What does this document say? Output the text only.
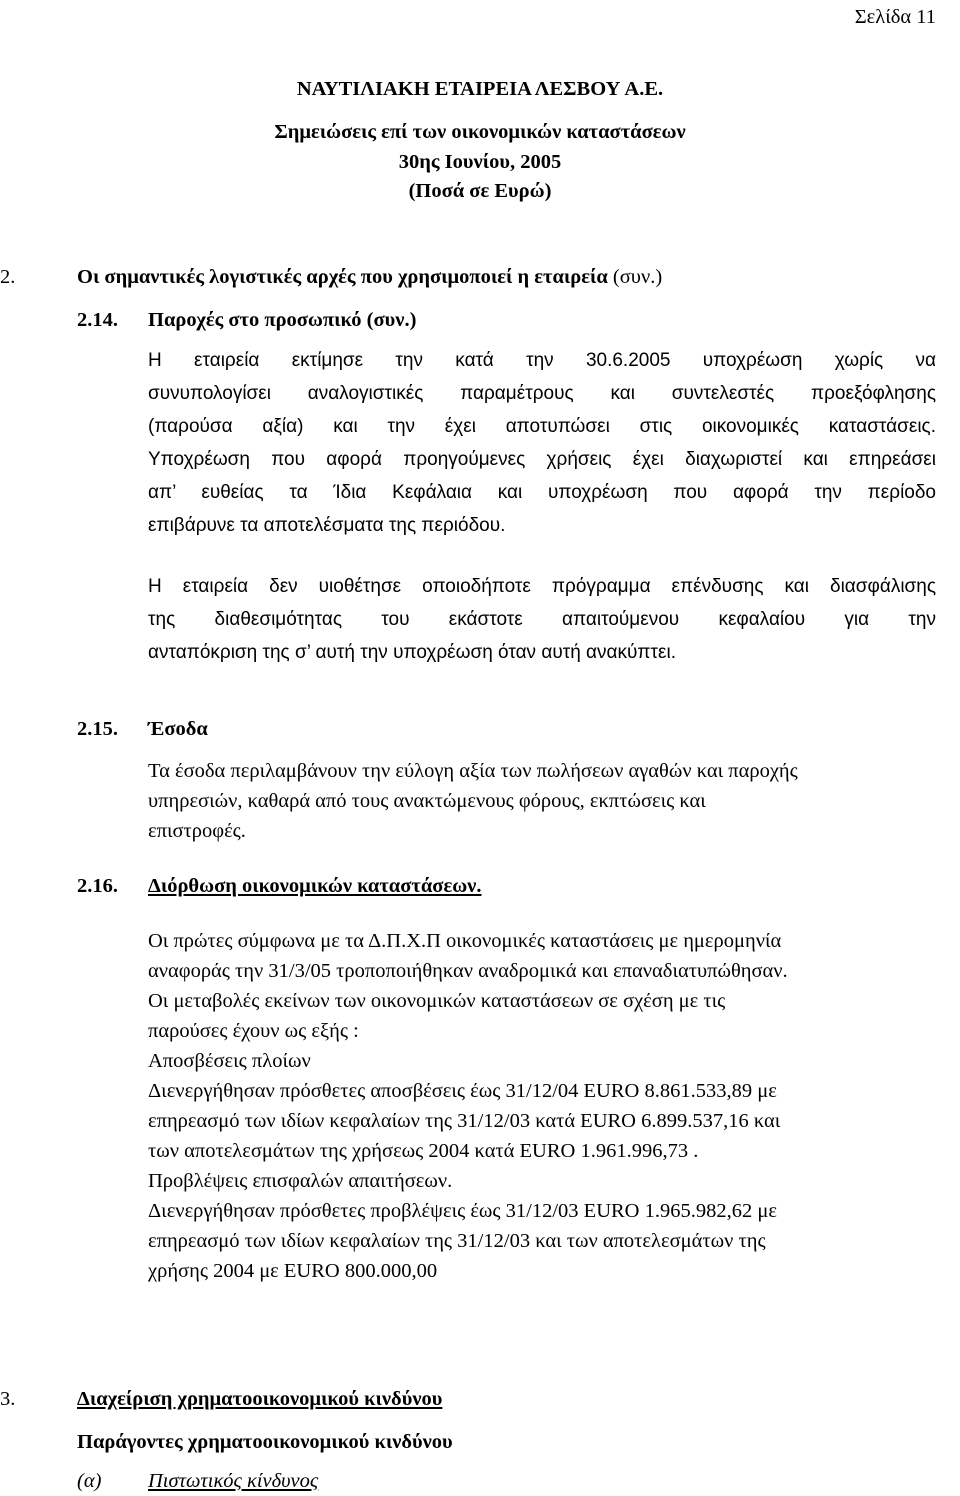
Σελίδα 11
ΝΑΥΤΙΛΙΑΚΗ ΕΤΑΙΡΕΙΑ ΛΕΣΒΟΥ Α.Ε.
Σημειώσεις επί των οικονομικών καταστάσεων
30ης Ιουνίου, 2005
(Ποσά σε Ευρώ)
2.	Οι σημαντικές λογιστικές αρχές που χρησιμοποιεί η εταιρεία (συν.)
2.14. Παροχές στο προσωπικό (συν.)
Η εταιρεία εκτίμησε την κατά την 30.6.2005 υποχρέωση χωρίς να
συνυπολογίσει αναλογιστικές παραμέτρους και συντελεστές προεξόφλησης
(παρούσα αξία) και την έχει αποτυπώσει στις οικονομικές καταστάσεις.
Υποχρέωση που αφορά προηγούμενες χρήσεις έχει διαχωριστεί και επηρεάσει
απ’ ευθείας τα Ίδια Κεφάλαια και υποχρέωση που αφορά την περίοδο
επιβάρυνε τα αποτελέσματα της περιόδου.
Η εταιρεία δεν υιοθέτησε οποιοδήποτε πρόγραμμα επένδυσης και διασφάλισης
της διαθεσιμότητας του εκάστοτε απαιτούμενου κεφαλαίου για την
ανταπόκριση της σ’ αυτή την υποχρέωση όταν αυτή ανακύπτει.
2.15. Έσοδα
Τα έσοδα περιλαμβάνουν την εύλογη αξία των πωλήσεων αγαθών και παροχής
υπηρεσιών, καθαρά από τους ανακτώμενους φόρους, εκπτώσεις και
επιστροφές.
2.16. Διόρθωση οικονομικών καταστάσεων.
Οι πρώτες σύμφωνα με τα Δ.Π.Χ.Π οικονομικές καταστάσεις με ημερομηνία
αναφοράς την 31/3/05 τροποποιήθηκαν αναδρομικά και επαναδιατυπώθησαν.
Οι μεταβολές εκείνων των οικονομικών καταστάσεων σε σχέση με τις
παρούσες έχουν ως εξής :
Αποσβέσεις πλοίων
Διενεργήθησαν πρόσθετες αποσβέσεις έως 31/12/04 EURO 8.861.533,89 με
επηρεασμό των ιδίων κεφαλαίων της 31/12/03 κατά EURO 6.899.537,16 και
των αποτελεσμάτων της χρήσεως 2004 κατά EURO 1.961.996,73 .
Προβλέψεις επισφαλών απαιτήσεων.
Διενεργήθησαν πρόσθετες προβλέψεις έως 31/12/03 EURO 1.965.982,62 με
επηρεασμό των ιδίων κεφαλαίων της 31/12/03 και των αποτελεσμάτων της
χρήσης 2004 με EURO 800.000,00
3.	Διαχείριση χρηματοοικονομικού κινδύνου
Παράγοντες χρηματοοικονομικού κινδύνου
(α) Πιστωτικός κίνδυνος
